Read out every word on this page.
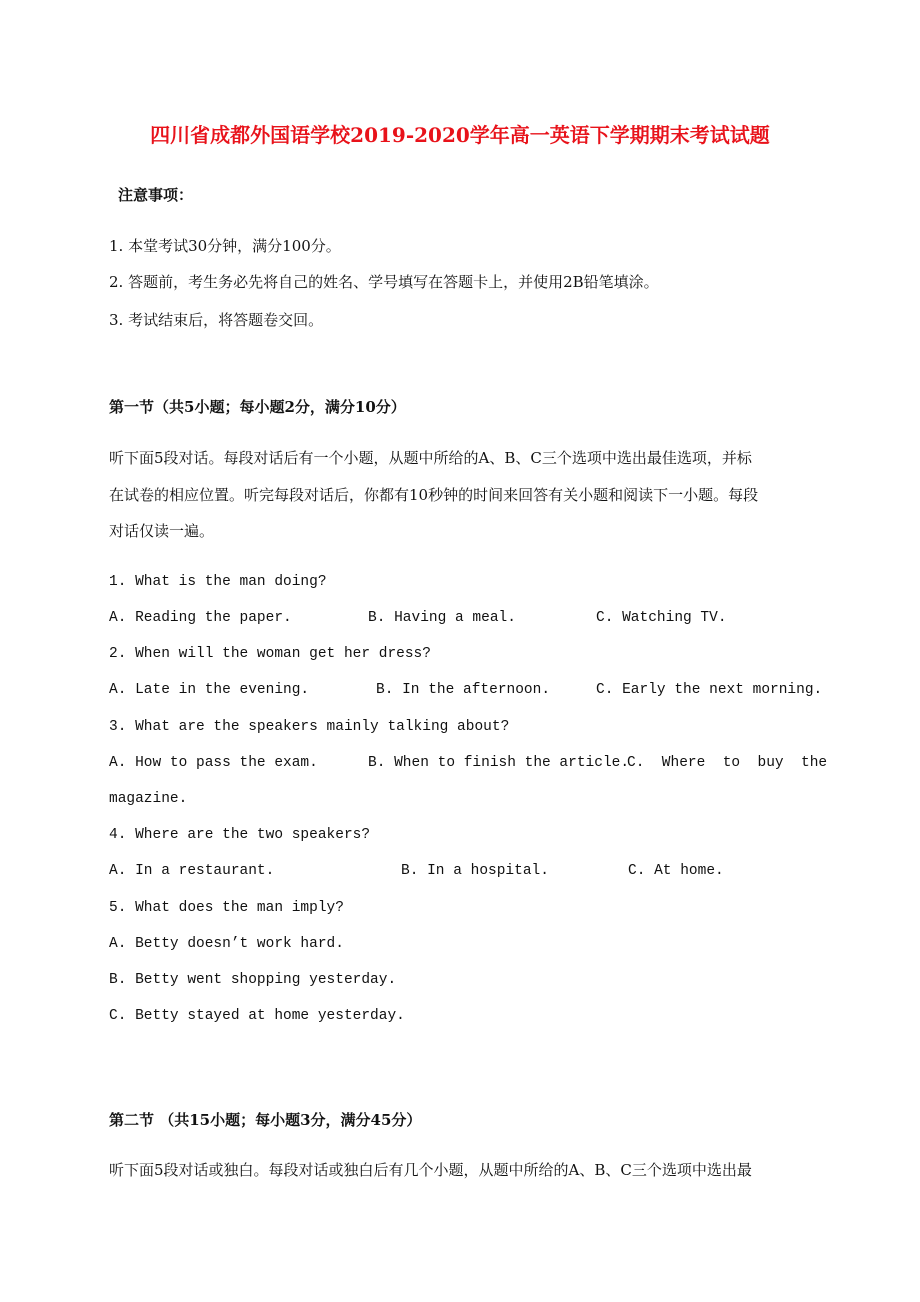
四川省成都外国语学校2019-2020学年高一英语下学期期末考试试题
注意事项：
1. 本堂考试30分钟，满分100分。
2. 答题前，考生务必先将自己的姓名、学号填写在答题卡上，并使用2B铅笔填涂。
3. 考试结束后，将答题卷交回。
第一节（共5小题；每小题2分，满分10分）
听下面5段对话。每段对话后有一个小题，从题中所给的A、B、C三个选项中选出最佳选项，并标
在试卷的相应位置。听完每段对话后，你都有10秒钟的时间来回答有关小题和阅读下一小题。每段
对话仅读一遍。
1. What is the man doing?
A. Reading the paper.	B. Having a meal.	C. Watching TV.
2. When will the woman get her dress?
A. Late in the evening.	B. In the afternoon.	C. Early the next morning.
3. What are the speakers mainly talking about?
A. How to pass the exam.	B. When to finish the article.
C.  Where  to  buy  the
magazine.
4. Where are the two speakers?
A. In a restaurant.	B. In a hospital.	C. At home.
5. What does the man imply?
A. Betty doesn’t work hard.
B. Betty went shopping yesterday.
C. Betty stayed at home yesterday.
第二节 （共15小题；每小题3分，满分45分）
听下面5段对话或独白。每段对话或独白后有几个小题，从题中所给的A、B、C三个选项中选出最
